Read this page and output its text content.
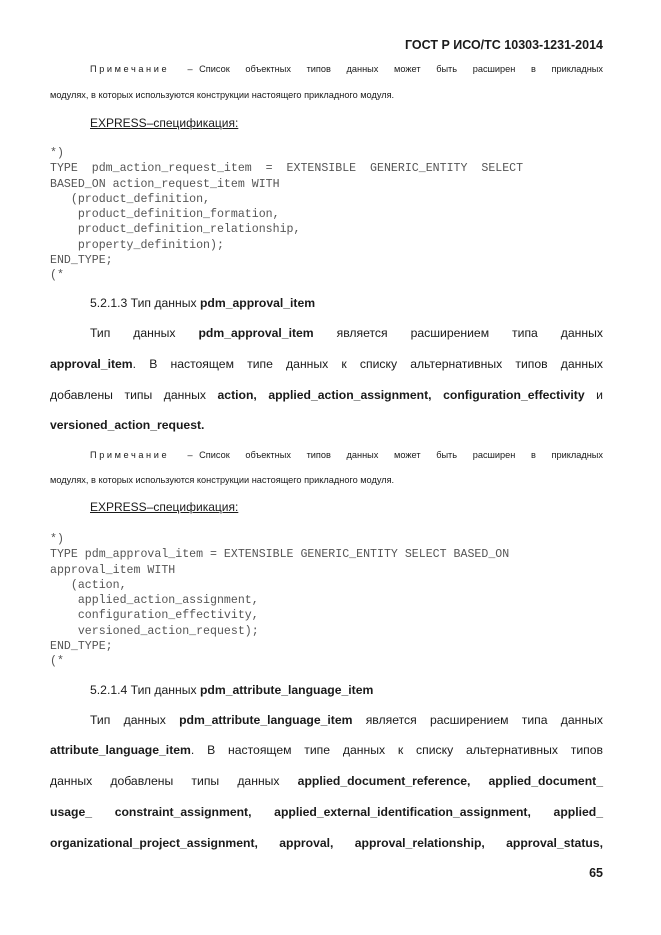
ГОСТ Р ИСО/ТС 10303-1231-2014
Примечание – Список объектных типов данных может быть расширен в прикладных
модулях, в которых используются конструкции настоящего прикладного модуля.
EXPRESS–спецификация:
*)
TYPE  pdm_action_request_item  =  EXTENSIBLE  GENERIC_ENTITY  SELECT
BASED_ON action_request_item WITH
(product_definition,
product_definition_formation,
product_definition_relationship,
property_definition);
END_TYPE;
(*
5.2.1.3 Тип данных pdm_approval_item
Тип данных pdm_approval_item является расширением типа данных
approval_item. В настоящем типе данных к списку альтернативных типов данных
добавлены типы данных action, applied_action_assignment, configuration_effectivity и
versioned_action_request.
Примечание – Список объектных типов данных может быть расширен в прикладных
модулях, в которых используются конструкции настоящего прикладного модуля.
EXPRESS–спецификация:
*)
TYPE pdm_approval_item = EXTENSIBLE GENERIC_ENTITY SELECT BASED_ON
approval_item WITH
(action,
applied_action_assignment,
configuration_effectivity,
versioned_action_request);
END_TYPE;
(*
5.2.1.4 Тип данных pdm_attribute_language_item
Тип данных pdm_attribute_language_item является расширением типа данных
attribute_language_item. В настоящем типе данных к списку альтернативных типов
данных добавлены типы данных applied_document_reference, applied_document_
usage_ constraint_assignment, applied_external_identification_assignment, applied_
organizational_project_assignment, approval, approval_relationship, approval_status,
65
